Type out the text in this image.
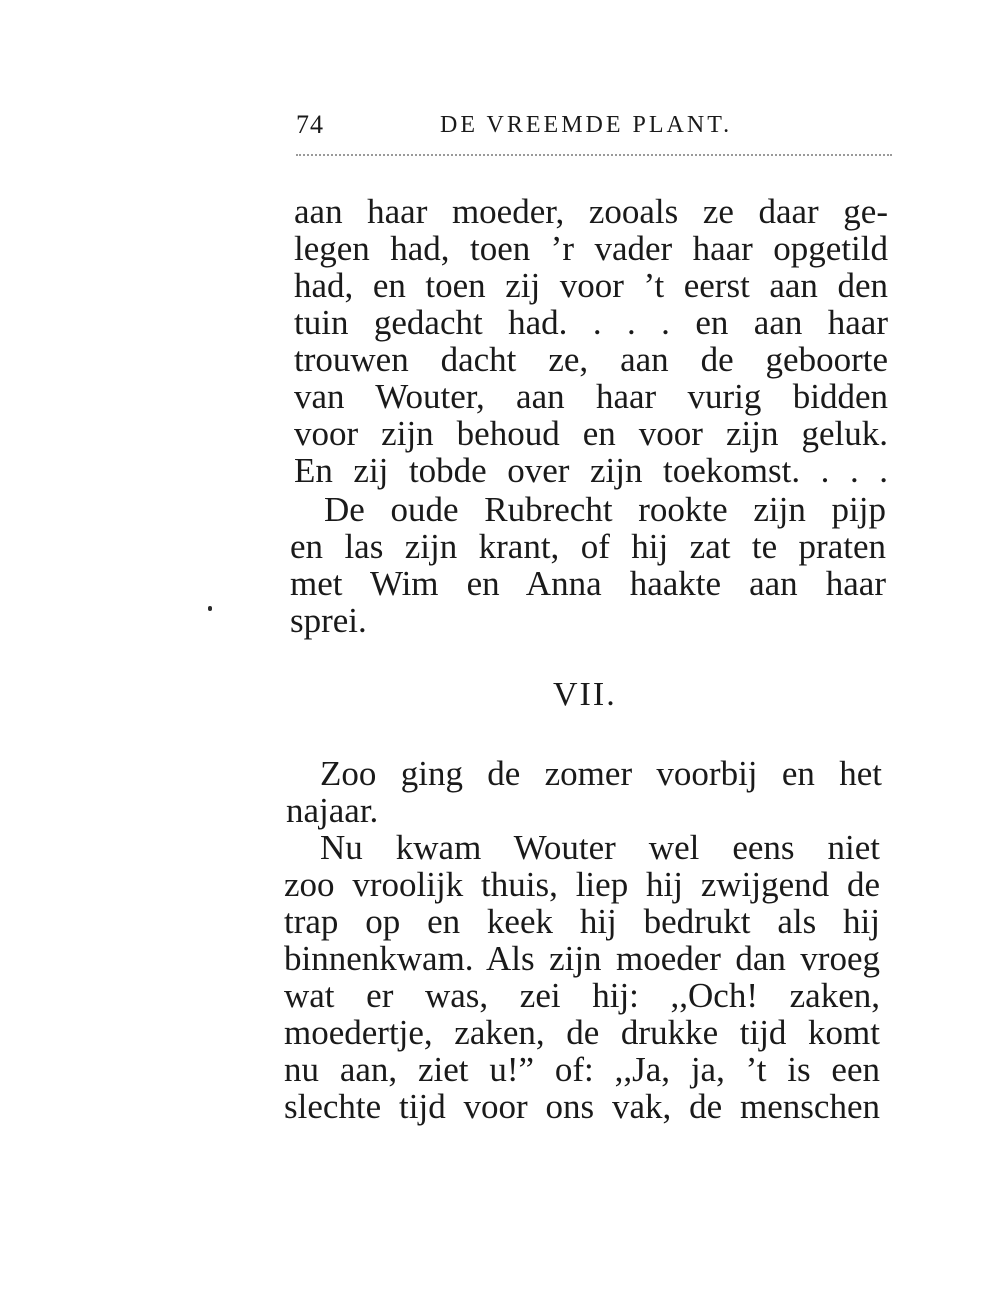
74	DE VREEMDE PLANT.
aan haar moeder, zooals ze daar ge-
legen had, toen ’r vader haar opgetild
had, en toen zij voor ’t eerst aan den
tuin gedacht had. . . . en aan haar
trouwen dacht ze, aan de geboorte
van Wouter, aan haar vurig bidden
voor zijn behoud en voor zijn geluk.
En zij tobde over zijn toekomst. . . .
De oude Rubrecht rookte zijn pijp
en las zijn krant, of hij zat te praten
met Wim en Anna haakte aan haar
sprei.
VII.
Zoo ging de zomer voorbij en het
najaar.
Nu kwam Wouter wel eens niet
zoo vroolijk thuis, liep hij zwijgend de
trap op en keek hij bedrukt als hij
binnenkwam. Als zijn moeder dan vroeg
wat er was, zei hij: ,,Och! zaken,
moedertje, zaken, de drukke tijd komt
nu aan, ziet u!” of: ,,Ja, ja, ’t is een
slechte tijd voor ons vak, de menschen
